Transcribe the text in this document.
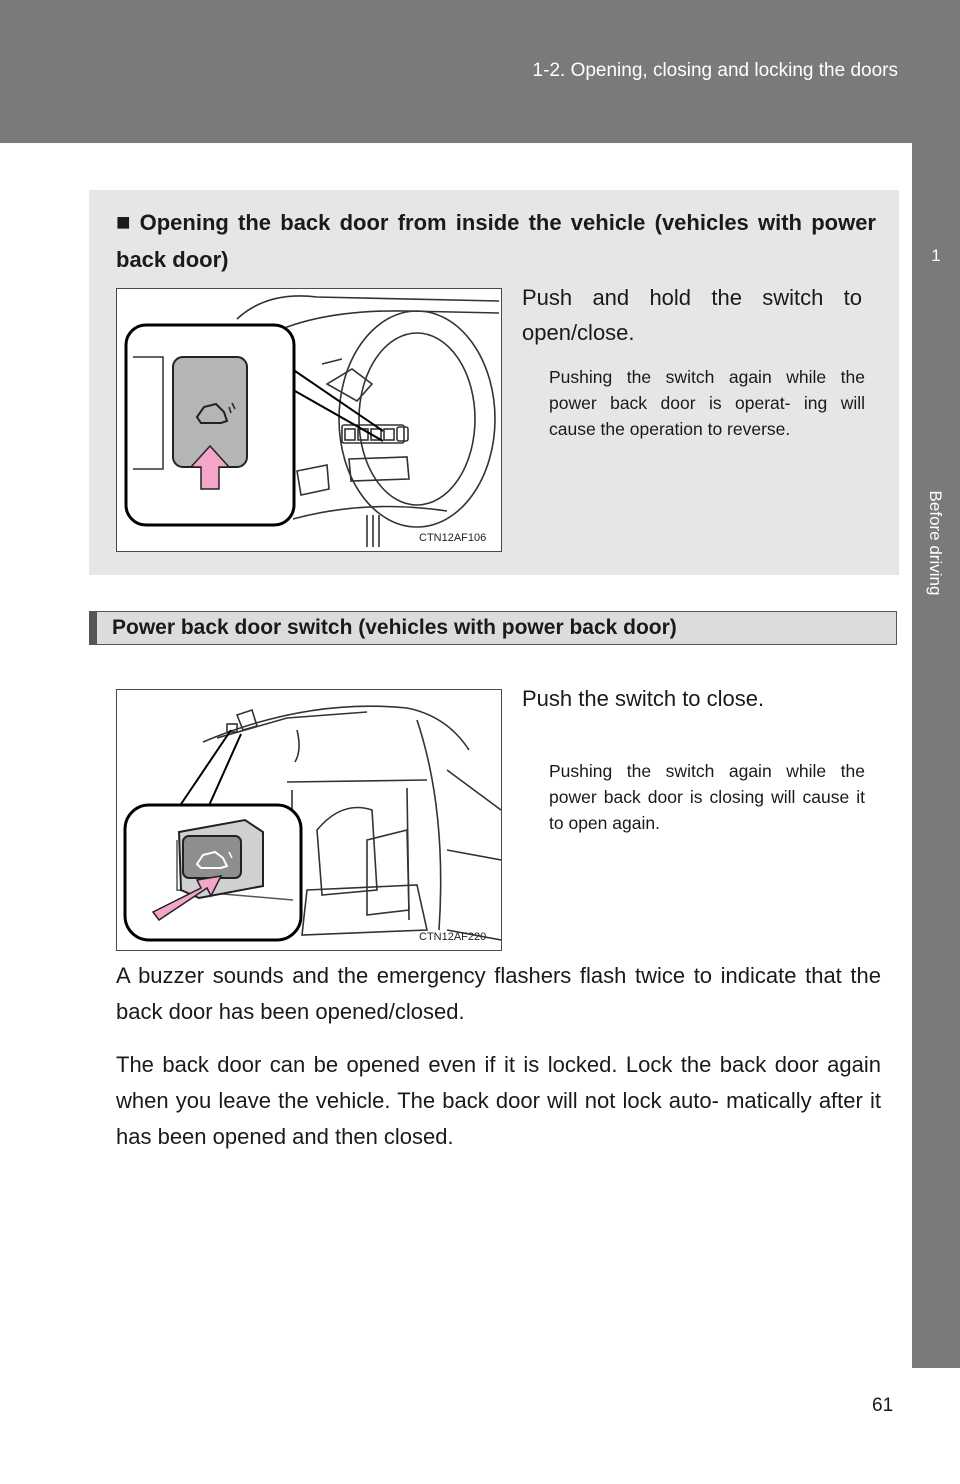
1-2. Opening, closing and locking the doors
1
Before driving
■ Opening the back door from inside the vehicle (vehicles with power back door)
CTN12AF106
Push and hold the switch to open/close.
Pushing the switch again while the power back door is operat- ing will cause the operation to reverse.
Power back door switch (vehicles with power back door)
CTN12AF220
Push the switch to close.
Pushing the switch again while the power back door is closing will cause it to open again.
A buzzer sounds and the emergency flashers flash twice to indicate that the back door has been opened/closed.
The back door can be opened even if it is locked. Lock the back door again when you leave the vehicle. The back door will not lock auto- matically after it has been opened and then closed.
61
